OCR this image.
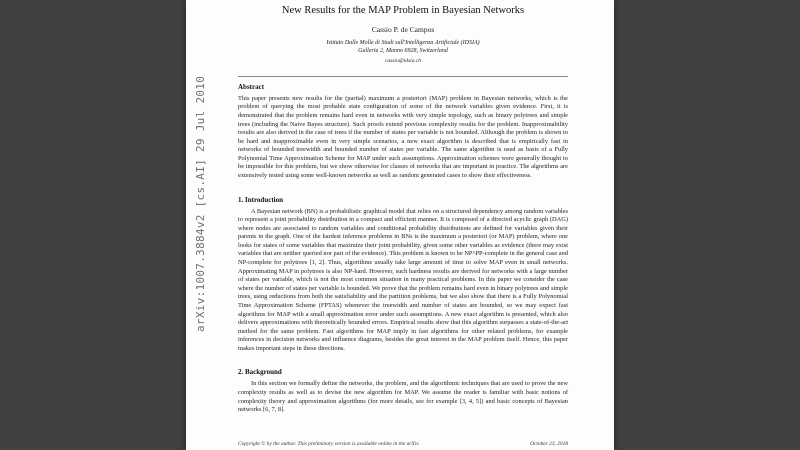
arXiv:1007.3884v2 [cs.AI] 29 Jul 2010
New Results for the MAP Problem in Bayesian Networks
Cassio P. de Campos
Istituto Dalle Molle di Studi sull'Intelligenza Artificiale (IDSIA)
Galleria 2, Manno 6928, Switzerland
cassio@idsia.ch
Abstract

This paper presents new results for the (partial) maximum a posteriori (MAP) problem in Bayesian networks, which is the problem of querying the most probable state configuration of some of the network variables given evidence. First, it is demonstrated that the problem remains hard even in networks with very simple topology, such as binary polytrees and simple trees (including the Naive Bayes structure). Such proofs extend previous complexity results for the problem. Inapproximability results are also derived in the case of trees if the number of states per variable is not bounded. Although the problem is shown to be hard and inapproximable even in very simple scenarios, a new exact algorithm is described that is empirically fast in networks of bounded treewidth and bounded number of states per variable. The same algorithm is used as basis of a Fully Polynomial Time Approximation Scheme for MAP under such assumptions. Approximation schemes were generally thought to be impossible for this problem, but we show otherwise for classes of networks that are important in practice. The algorithms are extensively tested using some well-known networks as well as random generated cases to show their effectiveness.

1. Introduction

A Bayesian network (BN) is a probabilistic graphical model that relies on a structured dependency among random variables to represent a joint probability distribution in a compact and efficient manner. It is composed of a directed acyclic graph (DAG) where nodes are associated to random variables and conditional probability distributions are defined for variables given their parents in the graph. One of the hardest inference problems in BNs is the maximum a posteriori (or MAP) problem, where one looks for states of some variables that maximize their joint probability, given some other variables as evidence (there may exist variables that are neither queried nor part of the evidence). This problem is known to be NP^PP-complete in the general case and NP-complete for polytrees [1, 2]. Thus, algorithms usually take large amount of time to solve MAP even in small networks. Approximating MAP in polytrees is also NP-hard. However, such hardness results are derived for networks with a large number of states per variable, which is not the most common situation in many practical problems. In this paper we consider the case where the number of states per variable is bounded. We prove that the problem remains hard even in binary polytrees and simple trees, using reductions from both the satisfiability and the partition problems, but we also show that there is a Fully Polynomial Time Approximation Scheme (FPTAS) whenever the treewidth and number of states are bounded, so we may expect fast algorithms for MAP with a small approximation error under such assumptions. A new exact algorithm is presented, which also delivers approximations with theoretically bounded errors. Empirical results show that this algorithm surpasses a state-of-the-art method for the same problem. Fast algorithms for MAP imply in fast algorithms for other related problems, for example inferences in decision networks and influence diagrams, besides the great interest in the MAP problem itself. Hence, this paper makes important steps in these directions.

2. Background

In this section we formally define the networks, the problem, and the algorithmic techniques that are used to prove the new complexity results as well as to devise the new algorithm for MAP. We assume the reader is familiar with basic notions of complexity theory and approximation algorithms (for more details, see for example [3, 4, 5]) and basic concepts of Bayesian networks [6, 7, 8].

Copyright © by the author. This preliminary version is available online in the arXiv.	October 23, 2018
